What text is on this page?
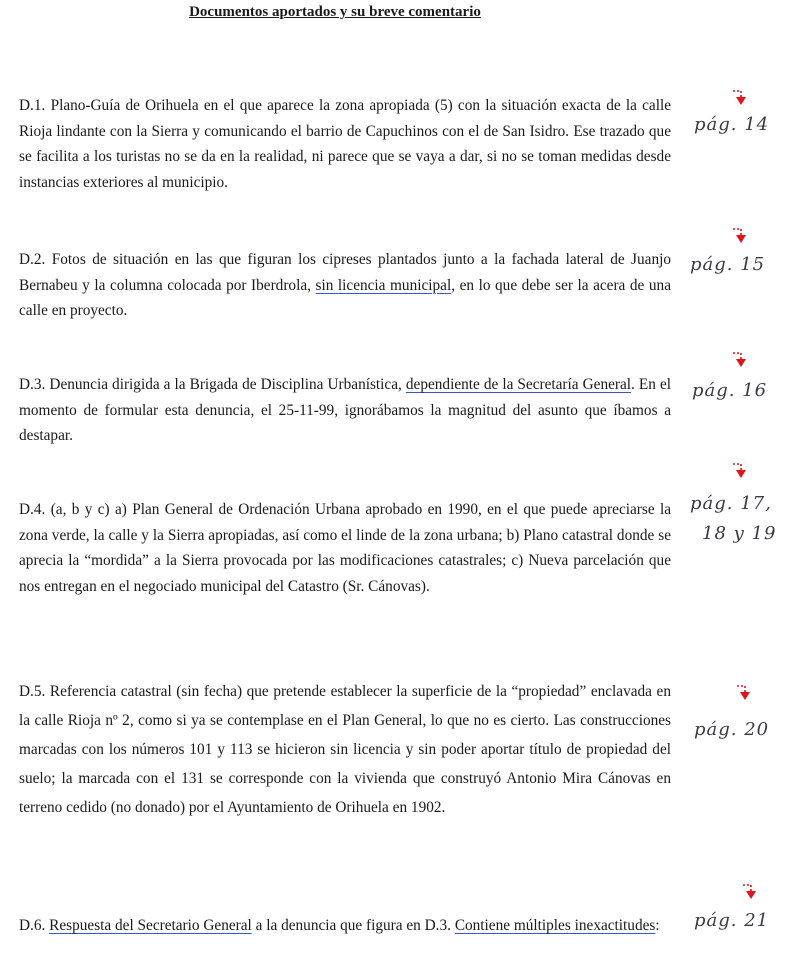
Documentos aportados y su breve comentario

D.1. Plano-Guía de Orihuela en el que aparece la zona apropiada (5) con la situación exacta de la calle Rioja lindante con la Sierra y comunicando el barrio de Capuchinos con el de San Isidro. Ese trazado que se facilita a los turistas no se da en la realidad, ni parece que se vaya a dar, si no se toman medidas desde instancias exteriores al municipio.

pág. 14

D.2. Fotos de situación en las que figuran los cipreses plantados junto a la fachada lateral de Juanjo Bernabeu y la columna colocada por Iberdrola, sin licencia municipal, en lo que debe ser la acera de una calle en proyecto.

pág. 15

D.3. Denuncia dirigida a la Brigada de Disciplina Urbanística, dependiente de la Secretaría General. En el momento de formular esta denuncia, el 25-11-99, ignorábamos la magnitud del asunto que íbamos a destapar.

pág. 16

D.4. (a, b y c) a) Plan General de Ordenación Urbana aprobado en 1990, en el que puede apreciarse la zona verde, la calle y la Sierra apropiadas, así como el linde de la zona urbana; b) Plano catastral donde se aprecia la “mordida” a la Sierra provocada por las modificaciones catastrales; c) Nueva parcelación que nos entregan en el negociado municipal del Catastro (Sr. Cánovas).

pág. 17,
18 y 19

D.5. Referencia catastral (sin fecha) que pretende establecer la superficie de la “propiedad” enclavada en la calle Rioja nº 2, como si ya se contemplase en el Plan General, lo que no es cierto. Las construcciones marcadas con los números 101 y 113 se hicieron sin licencia y sin poder aportar título de propiedad del suelo; la marcada con el 131 se corresponde con la vivienda que construyó Antonio Mira Cánovas en terreno cedido (no donado) por el Ayuntamiento de Orihuela en 1902.

pág. 20

D.6. Respuesta del Secretario General a la denuncia que figura en D.3. Contiene múltiples inexactitudes:	pág. 21
